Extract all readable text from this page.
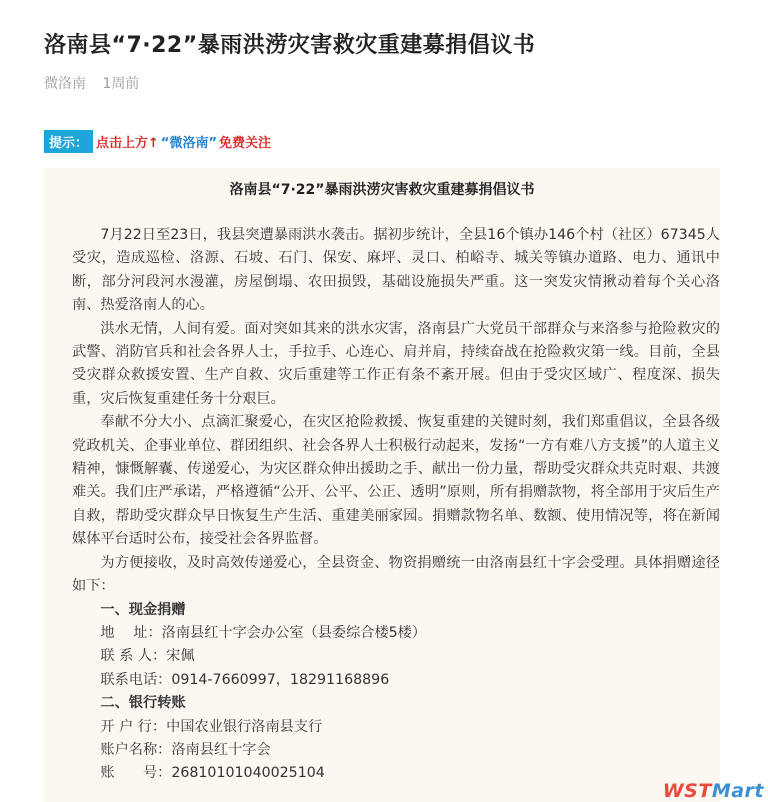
洛南县“7·22”暴雨洪涝灾害救灾重建募捐倡议书
微洛南 1周前
提示： 点击上方↑ “微洛南” 免费关注
洛南县“7·22”暴雨洪涝灾害救灾重建募捐倡议书

7月22日至23日，我县突遭暴雨洪水袭击。据初步统计，全县16个镇办146个村（社区）67345人受灾，造成巡检、洛源、石坡、石门、保安、麻坪、灵口、柏峪寺、城关等镇办道路、电力、通讯中断，部分河段河水漫灌，房屋倒塌、农田损毁，基础设施损失严重。这一突发灾情揪动着每个关心洛南、热爱洛南人的心。

洪水无情，人间有爱。面对突如其来的洪水灾害，洛南县广大党员干部群众与来洛参与抢险救灾的武警、消防官兵和社会各界人士，手拉手、心连心、肩并肩，持续奋战在抢险救灾第一线。目前，全县受灾群众救援安置、生产自救、灾后重建等工作正有条不紊开展。但由于受灾区域广、程度深、损失重，灾后恢复重建任务十分艰巨。

奉献不分大小、点滴汇聚爱心，在灾区抢险救援、恢复重建的关键时刻，我们郑重倡议，全县各级党政机关、企事业单位、群团组织、社会各界人士积极行动起来，发扬“一方有难八方支援”的人道主义精神，慷慨解囊、传递爱心，为灾区群众伸出援助之手、献出一份力量，帮助受灾群众共克时艰、共渡难关。我们庄严承诺，严格遵循“公开、公平、公正、透明”原则，所有捐赠款物，将全部用于灾后生产自救，帮助受灾群众早日恢复生产生活、重建美丽家园。捐赠款物名单、数额、使用情况等，将在新闻媒体平台适时公布，接受社会各界监督。

为方便接收，及时高效传递爱心，全县资金、物资捐赠统一由洛南县红十字会受理。具体捐赠途径如下：

一、现金捐赠
地　 址：洛南县红十字会办公室（县委综合楼5楼）
联 系 人：宋佩
联系电话：0914-7660997，18291168896
二、银行转账
开 户 行：中国农业银行洛南县支行
账户名称：洛南县红十字会
账　　号：26810101040025104
WSTMart
